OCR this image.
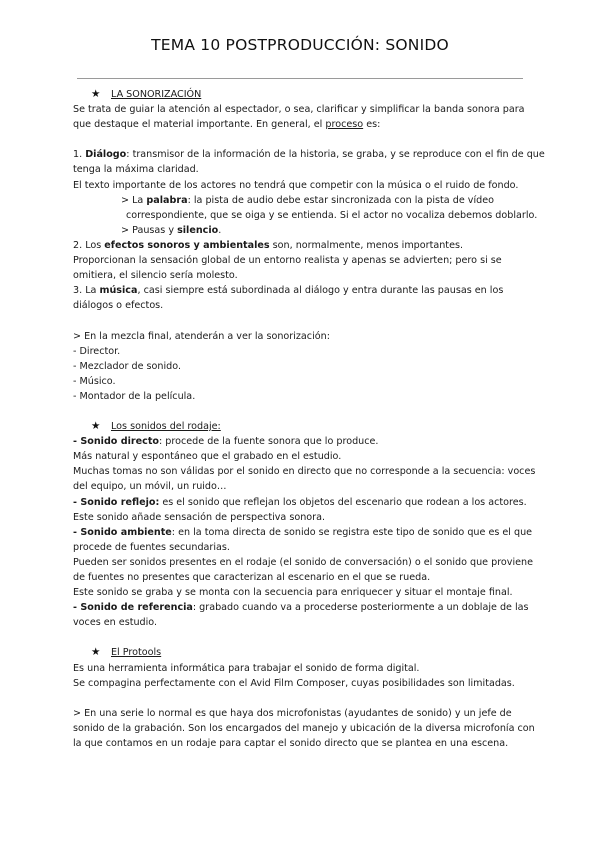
TEMA 10 POSTPRODUCCIÓN: SONIDO
★ LA SONORIZACIÓN
Se trata de guiar la atención al espectador, o sea, clarificar y simplificar la banda sonora para
que destaque el material importante. En general, el proceso es:
1. Diálogo: transmisor de la información de la historia, se graba, y se reproduce con el fin de que
tenga la máxima claridad.
El texto importante de los actores no tendrá que competir con la música o el ruido de fondo.
> La palabra: la pista de audio debe estar sincronizada con la pista de vídeo
correspondiente, que se oiga y se entienda. Si el actor no vocaliza debemos doblarlo.
> Pausas y silencio.
2. Los efectos sonoros y ambientales son, normalmente, menos importantes.
Proporcionan la sensación global de un entorno realista y apenas se advierten; pero si se
omitiera, el silencio sería molesto.
3. La música, casi siempre está subordinada al diálogo y entra durante las pausas en los
diálogos o efectos.
> En la mezcla final, atenderán a ver la sonorización:
- Director.
- Mezclador de sonido.
- Músico.
- Montador de la película.
★ Los sonidos del rodaje:
- Sonido directo: procede de la fuente sonora que lo produce.
Más natural y espontáneo que el grabado en el estudio.
Muchas tomas no son válidas por el sonido en directo que no corresponde a la secuencia: voces
del equipo, un móvil, un ruido…
- Sonido reflejo: es el sonido que reflejan los objetos del escenario que rodean a los actores.
Este sonido añade sensación de perspectiva sonora.
- Sonido ambiente: en la toma directa de sonido se registra este tipo de sonido que es el que
procede de fuentes secundarias.
Pueden ser sonidos presentes en el rodaje (el sonido de conversación) o el sonido que proviene
de fuentes no presentes que caracterizan al escenario en el que se rueda.
Este sonido se graba y se monta con la secuencia para enriquecer y situar el montaje final.
- Sonido de referencia: grabado cuando va a procederse posteriormente a un doblaje de las
voces en estudio.
★ El Protools
Es una herramienta informática para trabajar el sonido de forma digital.
Se compagina perfectamente con el Avid Film Composer, cuyas posibilidades son limitadas.
> En una serie lo normal es que haya dos microfonistas (ayudantes de sonido) y un jefe de
sonido de la grabación. Son los encargados del manejo y ubicación de la diversa microfonía con
la que contamos en un rodaje para captar el sonido directo que se plantea en una escena.
